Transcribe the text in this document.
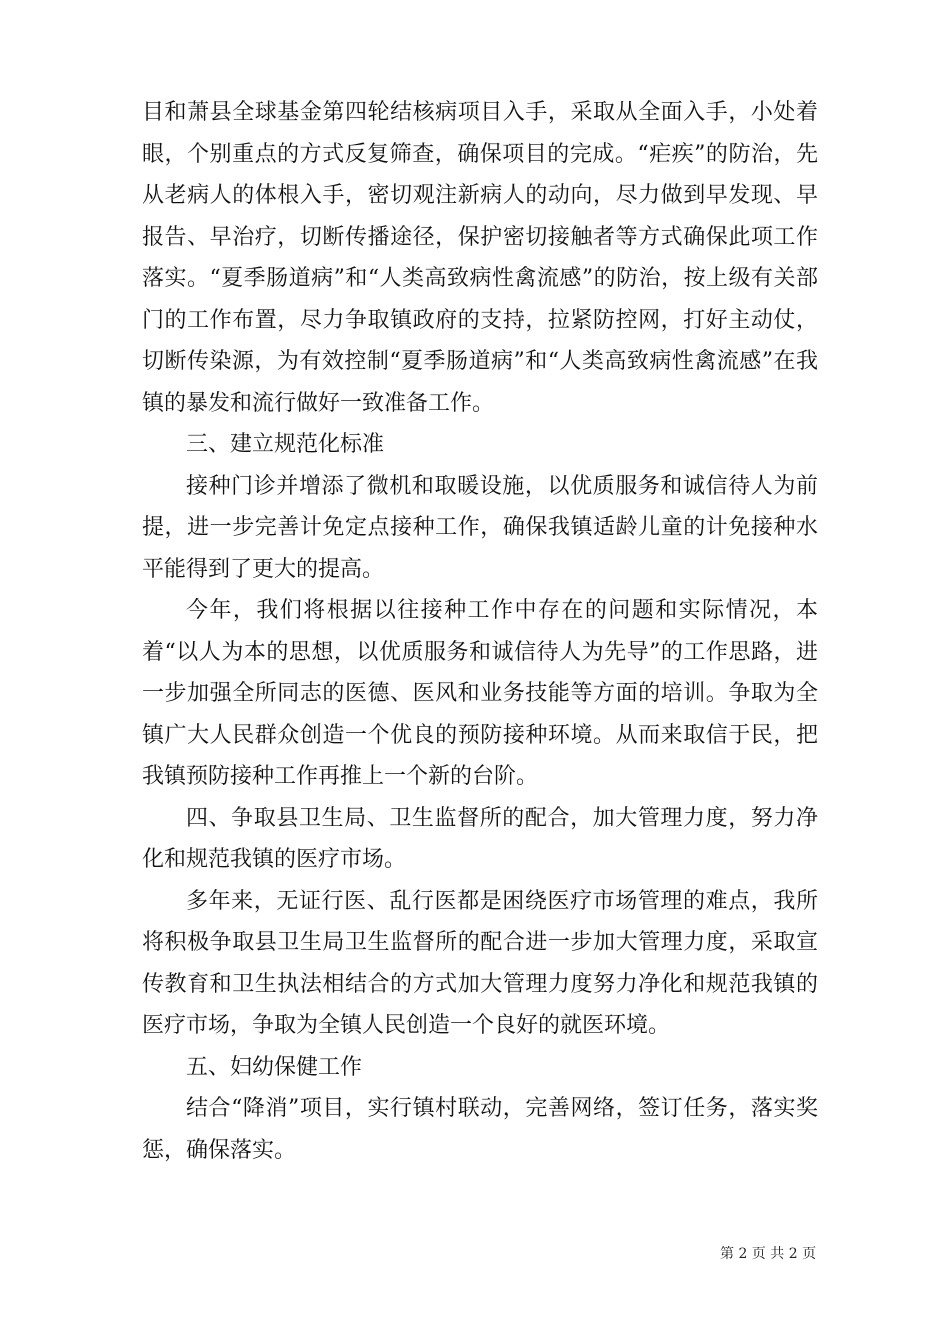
目和萧县全球基金第四轮结核病项目入手，采取从全面入手，小处着眼，个别重点的方式反复筛查，确保项目的完成。“疟疾”的防治，先从老病人的体根入手，密切观注新病人的动向，尽力做到早发现、早报告、早治疗，切断传播途径，保护密切接触者等方式确保此项工作落实。“夏季肠道病”和“人类高致病性禽流感”的防治，按上级有关部门的工作布置，尽力争取镇政府的支持，拉紧防控网，打好主动仗，切断传染源，为有效控制“夏季肠道病”和“人类高致病性禽流感”在我镇的暴发和流行做好一致准备工作。

三、建立规范化标准

接种门诊并增添了微机和取暖设施，以优质服务和诚信待人为前提，进一步完善计免定点接种工作，确保我镇适龄儿童的计免接种水平能得到了更大的提高。

今年，我们将根据以往接种工作中存在的问题和实际情况，本着“以人为本的思想，以优质服务和诚信待人为先导”的工作思路，进一步加强全所同志的医德、医风和业务技能等方面的培训。争取为全镇广大人民群众创造一个优良的预防接种环境。从而来取信于民，把我镇预防接种工作再推上一个新的台阶。

四、争取县卫生局、卫生监督所的配合，加大管理力度，努力净化和规范我镇的医疗市场。

多年来，无证行医、乱行医都是困绕医疗市场管理的难点，我所将积极争取县卫生局卫生监督所的配合进一步加大管理力度，采取宣传教育和卫生执法相结合的方式加大管理力度努力净化和规范我镇的医疗市场，争取为全镇人民创造一个良好的就医环境。

五、妇幼保健工作

结合“降消”项目，实行镇村联动，完善网络，签订任务，落实奖惩，确保落实。

第 2 页 共 2 页
